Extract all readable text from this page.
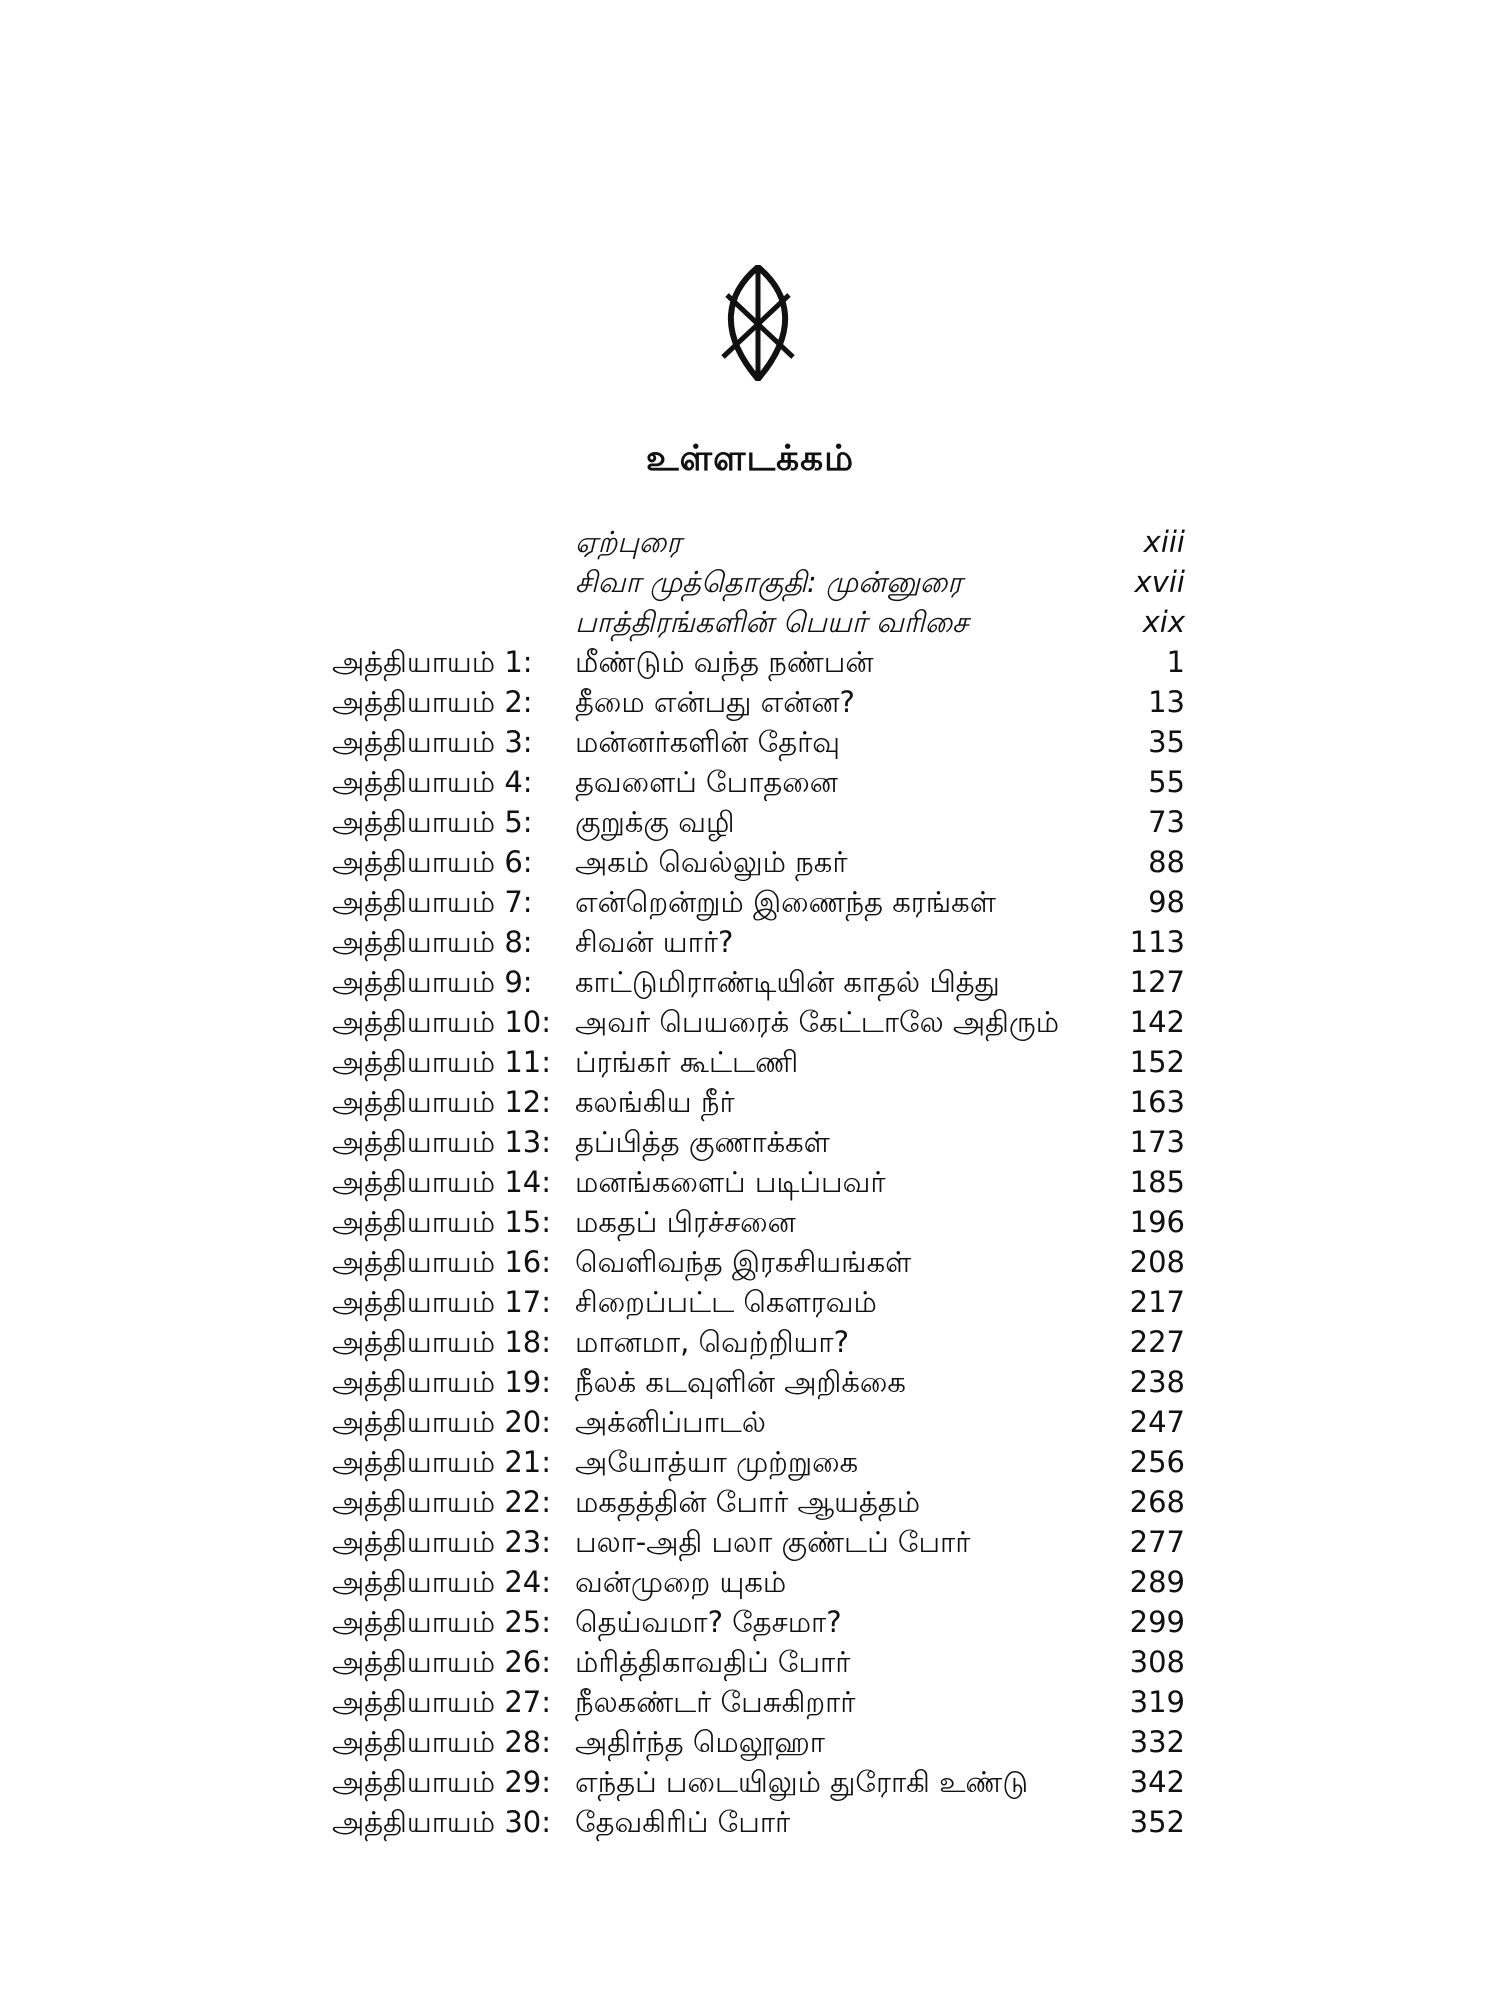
உள்ளடக்கம்
ஏற்புரை	xiii
சிவா முத்தொகுதி: முன்னுரை	xvii
பாத்திரங்களின் பெயர் வரிசை	xix
அத்தியாயம் 1: மீண்டும் வந்த நண்பன்	1
அத்தியாயம் 2: தீமை என்பது என்ன?	13
அத்தியாயம் 3: மன்னர்களின் தேர்வு	35
அத்தியாயம் 4: தவளைப் போதனை	55
அத்தியாயம் 5: குறுக்கு வழி	73
அத்தியாயம் 6: அகம் வெல்லும் நகர்	88
அத்தியாயம் 7: என்றென்றும் இணைந்த கரங்கள்	98
அத்தியாயம் 8: சிவன் யார்?	113
அத்தியாயம் 9: காட்டுமிராண்டியின் காதல் பித்து	127
அத்தியாயம் 10: அவர் பெயரைக் கேட்டாலே அதிரும் 142
அத்தியாயம் 11: ப்ரங்கர் கூட்டணி	152
அத்தியாயம் 12: கலங்கிய நீர்	163
அத்தியாயம் 13: தப்பித்த குணாக்கள்	173
அத்தியாயம் 14: மனங்களைப் படிப்பவர்	185
அத்தியாயம் 15: மகதப் பிரச்சனை	196
அத்தியாயம் 16: வெளிவந்த இரகசியங்கள்	208
அத்தியாயம் 17: சிறைப்பட்ட கௌரவம்	217
அத்தியாயம் 18: மானமா, வெற்றியா?	227
அத்தியாயம் 19: நீலக் கடவுளின் அறிக்கை	238
அத்தியாயம் 20: அக்னிப்பாடல்	247
அத்தியாயம் 21: அயோத்யா முற்றுகை	256
அத்தியாயம் 22: மகதத்தின் போர் ஆயத்தம்	268
அத்தியாயம் 23: பலா-அதி பலா குண்டப் போர்	277
அத்தியாயம் 24: வன்முறை யுகம்	289
அத்தியாயம் 25: தெய்வமா? தேசமா?	299
அத்தியாயம் 26: ம்ரித்திகாவதிப் போர்	308
அத்தியாயம் 27: நீலகண்டர் பேசுகிறார்	319
அத்தியாயம் 28: அதிர்ந்த மெலூஹா	332
அத்தியாயம் 29: எந்தப் படையிலும் துரோகி உண்டு	342
அத்தியாயம் 30: தேவகிரிப் போர்	352
